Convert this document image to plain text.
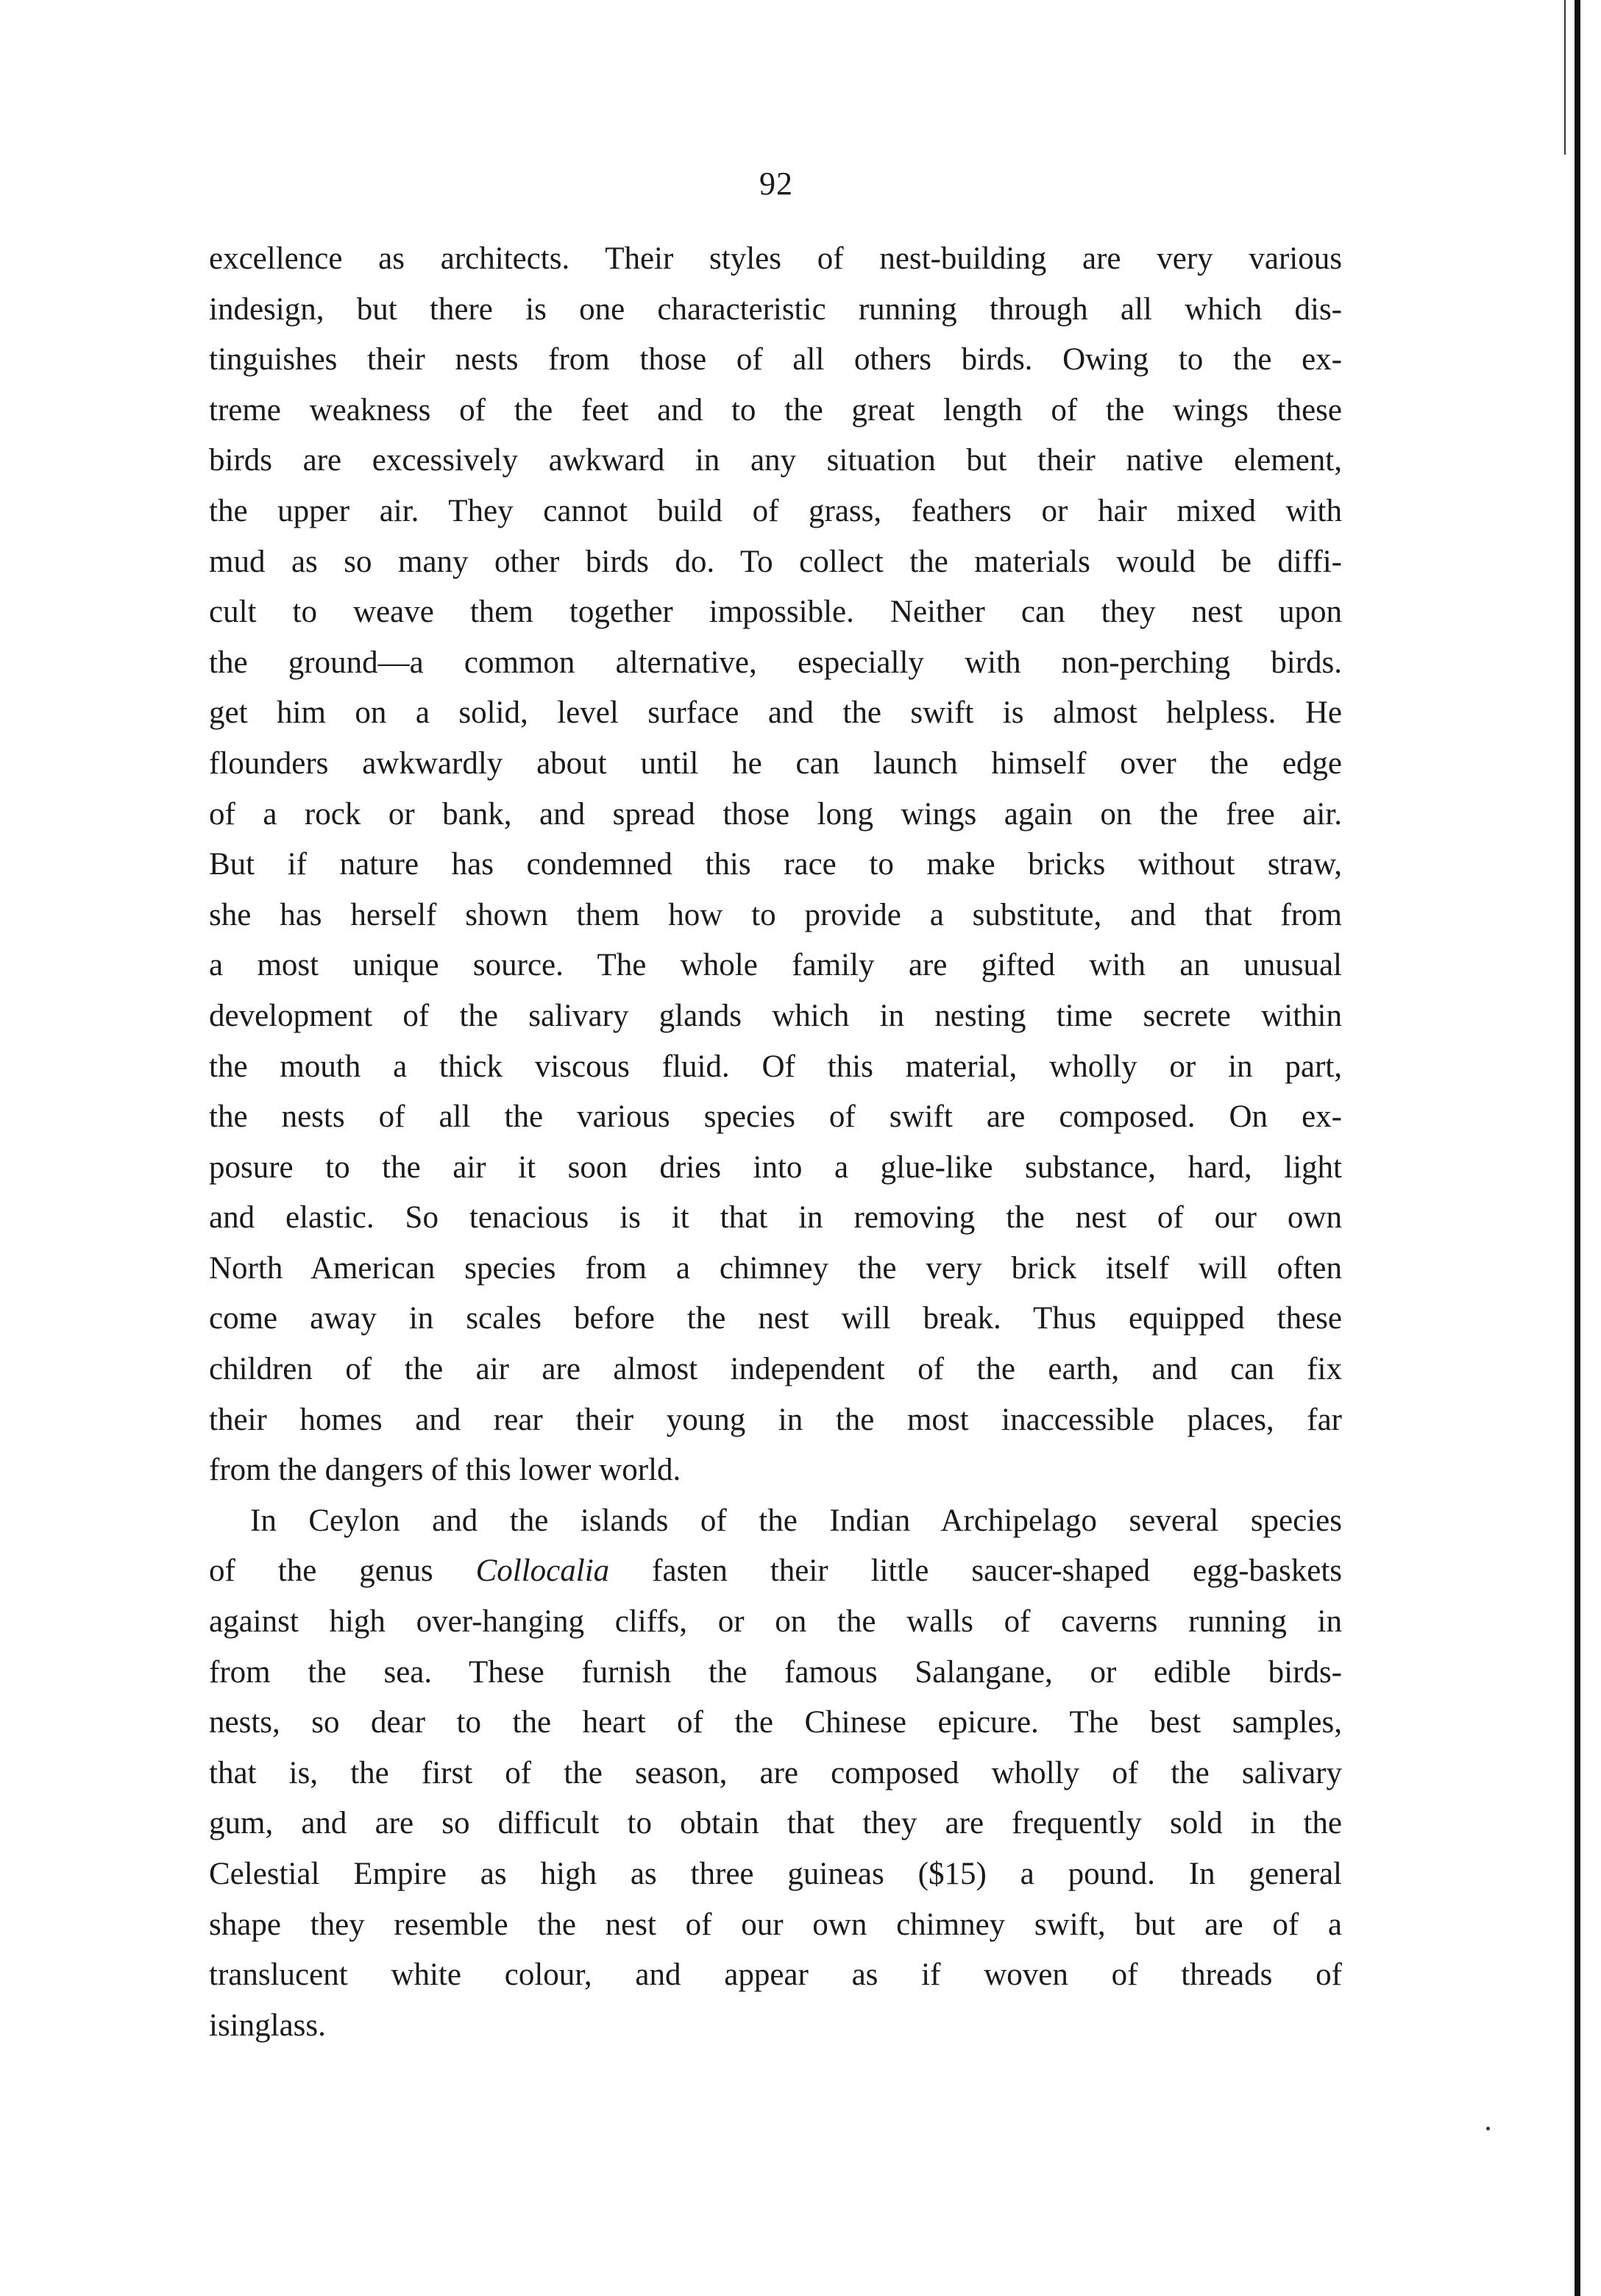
92
excellence as architects. Their styles of nest-building are very various
indesign, but there is one characteristic running through all which dis-
tinguishes their nests from those of all others birds. Owing to the ex-
treme weakness of the feet and to the great length of the wings these
birds are excessively awkward in any situation but their native element,
the upper air. They cannot build of grass, feathers or hair mixed with
mud as so many other birds do. To collect the materials would be diffi-
cult to weave them together impossible. Neither can they nest upon
the ground—a common alternative, especially with non-perching birds.
get him on a solid, level surface and the swift is almost helpless. He
flounders awkwardly about until he can launch himself over the edge
of a rock or bank, and spread those long wings again on the free air.
But if nature has condemned this race to make bricks without straw,
she has herself shown them how to provide a substitute, and that from
a most unique source. The whole family are gifted with an unusual
development of the salivary glands which in nesting time secrete within
the mouth a thick viscous fluid. Of this material, wholly or in part,
the nests of all the various species of swift are composed. On ex-
posure to the air it soon dries into a glue-like substance, hard, light
and elastic. So tenacious is it that in removing the nest of our own
North American species from a chimney the very brick itself will often
come away in scales before the nest will break. Thus equipped these
children of the air are almost independent of the earth, and can fix
their homes and rear their young in the most inaccessible places, far
from the dangers of this lower world.
In Ceylon and the islands of the Indian Archipelago several species
of the genus Collocalia fasten their little saucer-shaped egg-baskets
against high over-hanging cliffs, or on the walls of caverns running in
from the sea. These furnish the famous Salangane, or edible birds-
nests, so dear to the heart of the Chinese epicure. The best samples,
that is, the first of the season, are composed wholly of the salivary
gum, and are so difficult to obtain that they are frequently sold in the
Celestial Empire as high as three guineas ($15) a pound. In general
shape they resemble the nest of our own chimney swift, but are of a
translucent white colour, and appear as if woven of threads of
isinglass.
